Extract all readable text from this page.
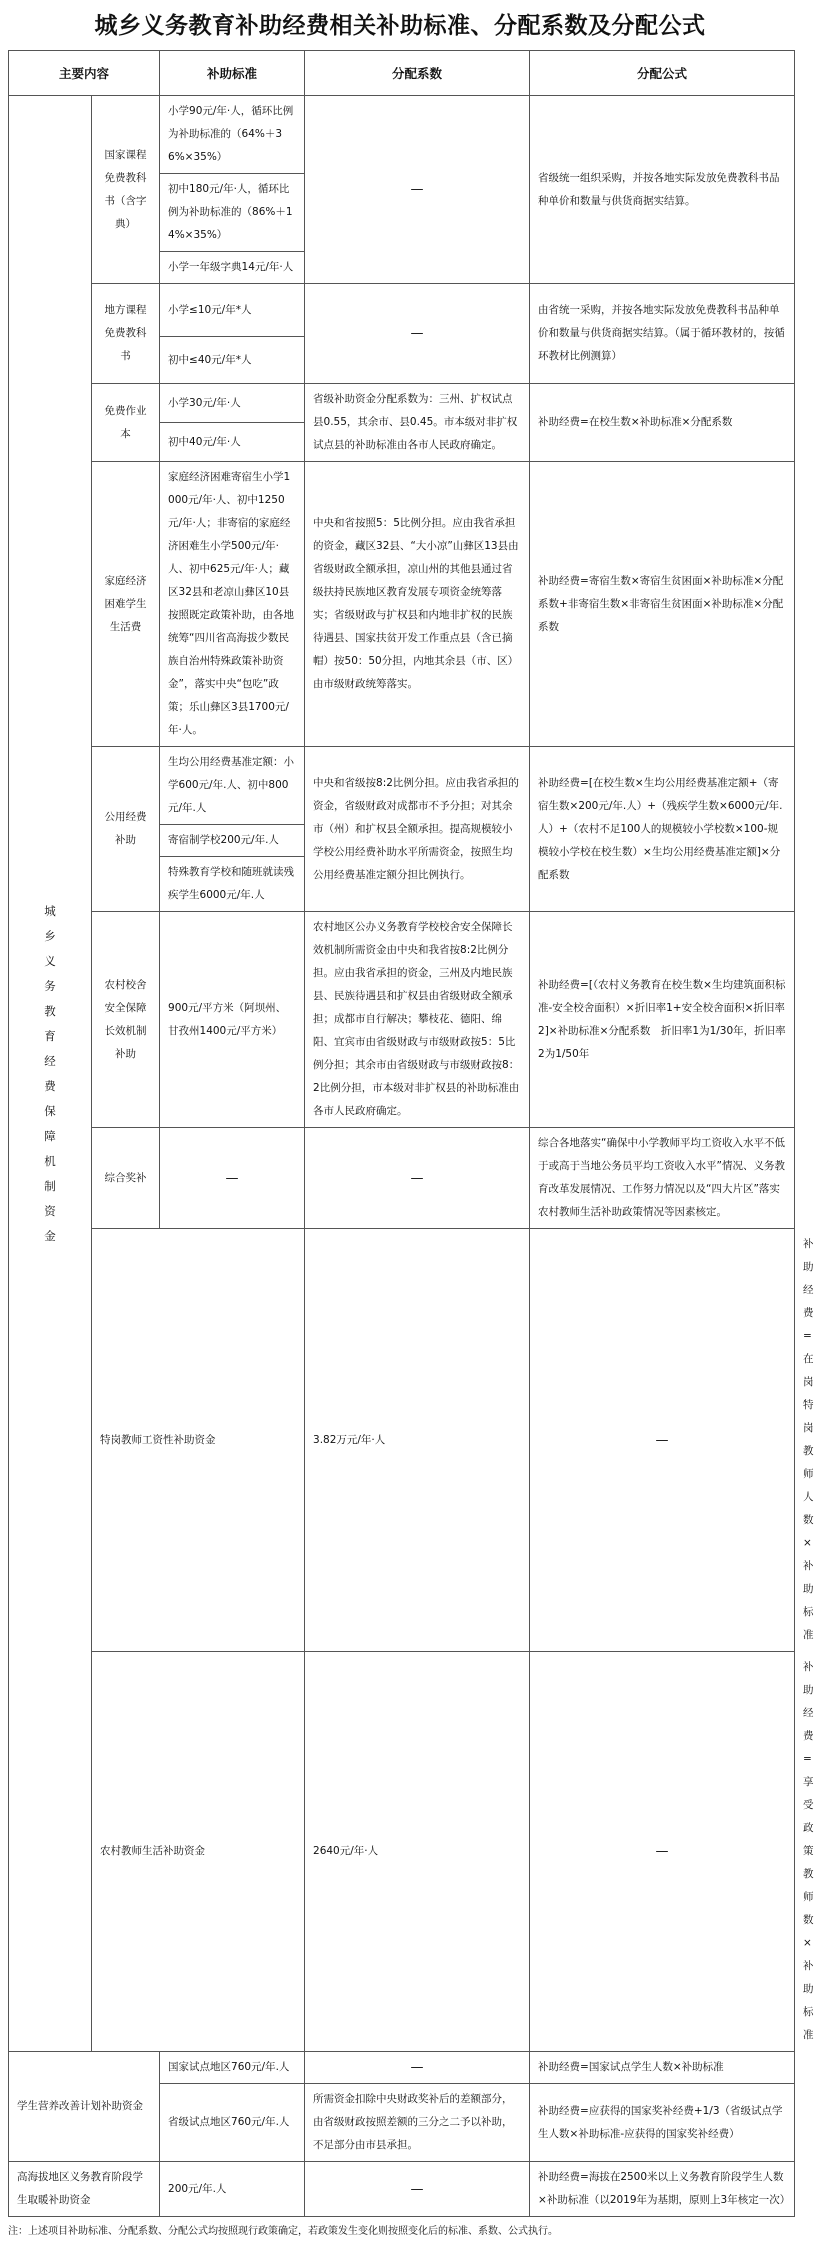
城乡义务教育补助经费相关补助标准、分配系数及分配公式
主要内容		补助标准	分配系数	分配公式	

城乡义务教育经费保障机制资金	国家课程免费教科书（含字典）	小学90元/年·人，循环比例为补助标准的（64%＋36%×35%）	—	省级统一组织采购，并按各地实际发放免费教科书品种单价和数量与供货商据实结算。	
		初中180元/年·人，循环比例为补助标准的（86%＋14%×35%）			
		小学一年级字典14元/年·人			
	地方课程免费教科书	小学≤10元/年*人	—	由省统一采购，并按各地实际发放免费教科书品种单价和数量与供货商据实结算。（属于循环教材的，按循环教材比例测算）	
		初中≤40元/年*人			
	免费作业本	小学30元/年·人	省级补助资金分配系数为：三州、扩权试点县0.55，其余市、县0.45。市本级对非扩权试点县的补助标准由各市人民政府确定。	补助经费=在校生数×补助标准×分配系数	
		初中40元/年·人			
	家庭经济困难学生生活费	家庭经济困难寄宿生小学1000元/年·人、初中1250元/年·人；非寄宿的家庭经济困难生小学500元/年·人、初中625元/年·人；藏区32县和老凉山彝区10县按照既定政策补助，由各地统筹“四川省高海拔少数民族自治州特殊政策补助资金”，落实中央“包吃”政策；乐山彝区3县1700元/年·人。	中央和省按照5：5比例分担。应由我省承担的资金，藏区32县、“大小凉”山彝区13县由省级财政全额承担，凉山州的其他县通过省级扶持民族地区教育发展专项资金统筹落实；省级财政与扩权县和内地非扩权的民族待遇县、国家扶贫开发工作重点县（含已摘帽）按50：50分担，内地其余县（市、区）由市级财政统筹落实。	补助经费=寄宿生数×寄宿生贫困面×补助标准×分配系数+非寄宿生数×非寄宿生贫困面×补助标准×分配系数	
	公用经费补助	生均公用经费基准定额：小学600元/年.人、初中800元/年.人	中央和省级按8:2比例分担。应由我省承担的资金，省级财政对成都市不予分担；对其余市（州）和扩权县全额承担。提高规模较小学校公用经费补助水平所需资金，按照生均公用经费基准定额分担比例执行。	补助经费=[在校生数×生均公用经费基准定额+（寄宿生数×200元/年.人）+（残疾学生数×6000元/年.人）+（农村不足100人的规模较小学校数×100-规模较小学校在校生数）×生均公用经费基准定额]×分配系数	
		寄宿制学校200元/年.人			
		特殊教育学校和随班就读残疾学生6000元/年.人			
	农村校舍安全保障长效机制补助	900元/平方米（阿坝州、甘孜州1400元/平方米）	农村地区公办义务教育学校校舍安全保障长效机制所需资金由中央和我省按8:2比例分担。应由我省承担的资金，三州及内地民族县、民族待遇县和扩权县由省级财政全额承担；成都市自行解决；攀枝花、德阳、绵阳、宜宾市由省级财政与市级财政按5：5比例分担；其余市由省级财政与市级财政按8：2比例分担，市本级对非扩权县的补助标准由各市人民政府确定。	补助经费=[（农村义务教育在校生数×生均建筑面积标准-安全校舍面积）×折旧率1+安全校舍面积×折旧率2]×补助标准×分配系数　折旧率1为1/30年，折旧率2为1/50年	
	综合奖补	—	—	综合各地落实“确保中小学教师平均工资收入水平不低于或高于当地公务员平均工资收入水平”情况、义务教育改革发展情况、工作努力情况以及“四大片区”落实农村教师生活补助政策情况等因素核定。	
	特岗教师工资性补助资金		3.82万元/年·人	—	补助经费=在岗特岗教师人数×补助标准
	农村教师生活补助资金		2640元/年·人	—	补助经费=享受政策教师数×补助标准
学生营养改善计划补助资金		国家试点地区760元/年.人	—	补助经费=国家试点学生人数×补助标准	
		省级试点地区760元/年.人	所需资金扣除中央财政奖补后的差额部分，由省级财政按照差额的三分之二予以补助，不足部分由市县承担。	补助经费=应获得的国家奖补经费+1/3（省级试点学生人数×补助标准-应获得的国家奖补经费）	
高海拔地区义务教育阶段学生取暖补助资金		200元/年.人	—	补助经费=海拔在2500米以上义务教育阶段学生人数×补助标准（以2019年为基期，原则上3年核定一次）	
注：上述项目补助标准、分配系数、分配公式均按照现行政策确定，若政策发生变化则按照变化后的标准、系数、公式执行。
